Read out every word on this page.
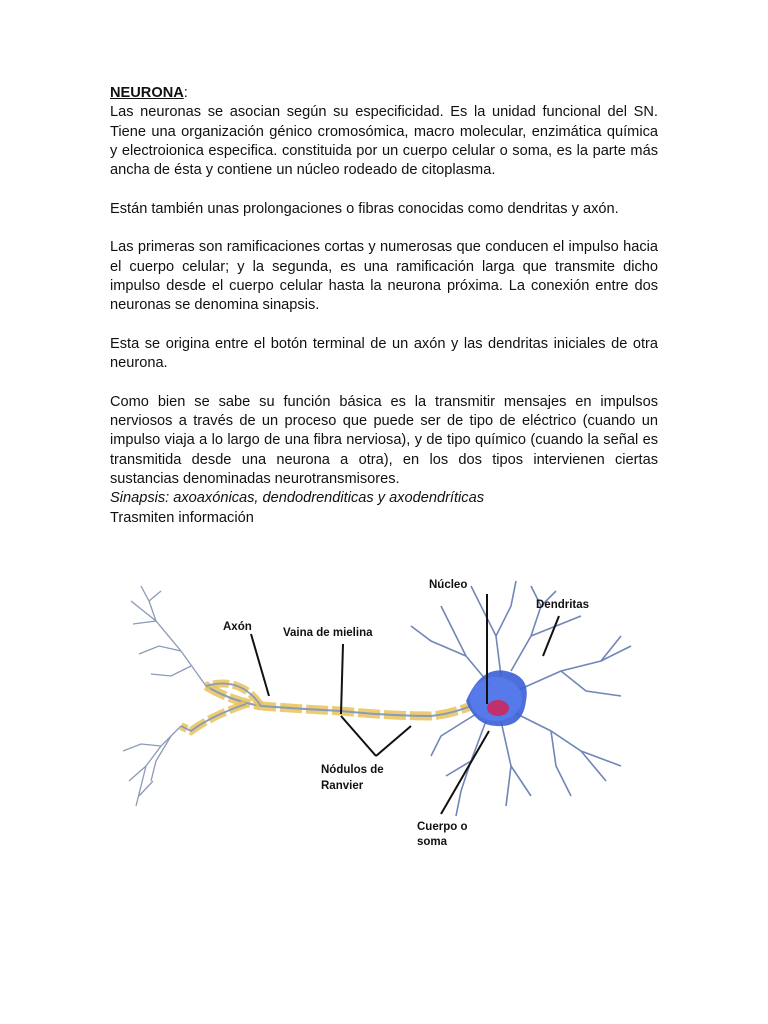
NEURONA:

Las neuronas se asocian según su especificidad. Es la unidad funcional del SN. Tiene una organización génico cromosómica, macro molecular, enzimática química y electroionica especifica. constituida por un cuerpo celular o soma, es la parte más ancha de ésta y contiene un núcleo rodeado de citoplasma.

Están también unas prolongaciones o fibras conocidas como dendritas y axón.

Las primeras son ramificaciones cortas y numerosas que conducen el impulso hacia el cuerpo celular; y la segunda, es una ramificación larga que transmite dicho impulso desde el cuerpo celular hasta la neurona próxima. La conexión entre dos neuronas se denomina sinapsis.

Esta se origina entre el botón terminal de un axón y las dendritas iniciales de otra neurona.

Como bien se sabe su función básica es la transmitir mensajes en impulsos nerviosos a través de un proceso que puede ser de tipo de eléctrico (cuando un impulso viaja a lo largo de una fibra nerviosa), y de tipo químico (cuando la señal es transmitida desde una neurona a otra), en los dos tipos intervienen ciertas sustancias denominadas neurotransmisores.

Sinapsis: axoaxónicas, dendodrenditicas y axodendríticas

Trasmiten información

Núcleo
Dendritas
Axón	Vaina de mielina
Nódulos de
Ranvier
Cuerpo o
soma
